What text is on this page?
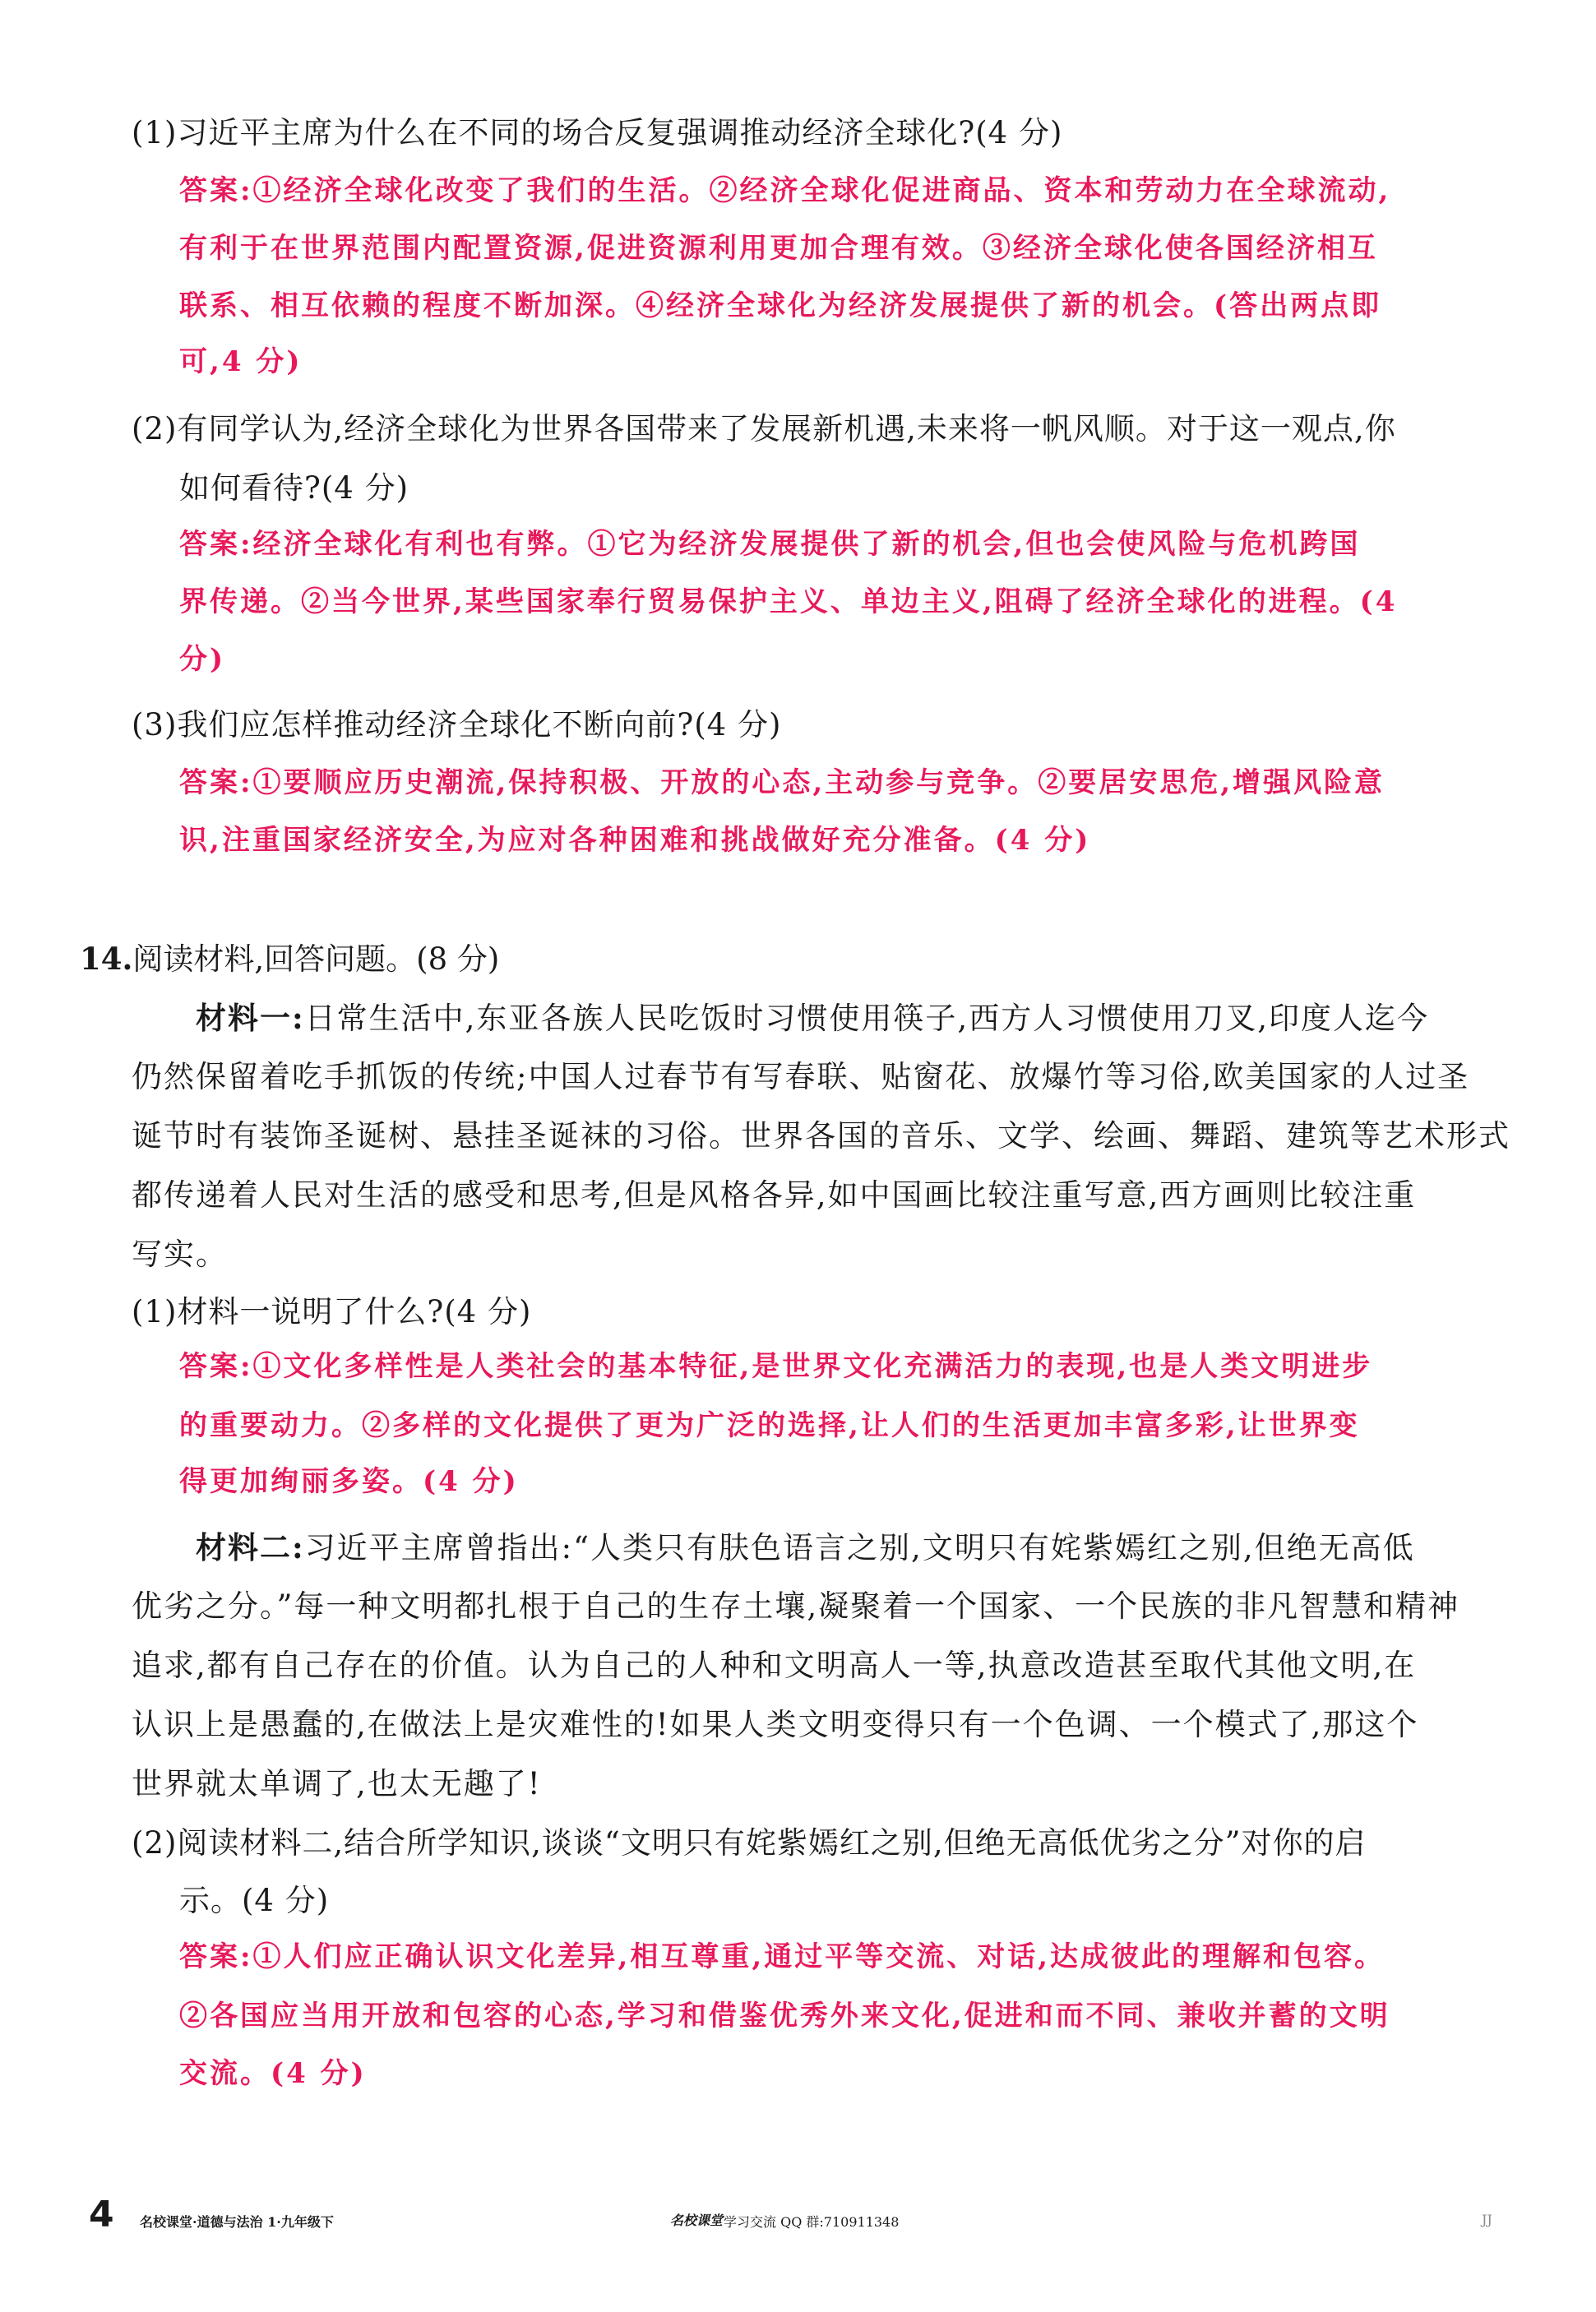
(1)习近平主席为什么在不同的场合反复强调推动经济全球化?(4 分)
答案:①经济全球化改变了我们的生活。②经济全球化促进商品、资本和劳动力在全球流动,
有利于在世界范围内配置资源,促进资源利用更加合理有效。③经济全球化使各国经济相互
联系、相互依赖的程度不断加深。④经济全球化为经济发展提供了新的机会。(答出两点即
可,4 分)
(2)有同学认为,经济全球化为世界各国带来了发展新机遇,未来将一帆风顺。对于这一观点,你
如何看待?(4 分)
答案:经济全球化有利也有弊。①它为经济发展提供了新的机会,但也会使风险与危机跨国
界传递。②当今世界,某些国家奉行贸易保护主义、单边主义,阻碍了经济全球化的进程。(4
分)
(3)我们应怎样推动经济全球化不断向前?(4 分)
答案:①要顺应历史潮流,保持积极、开放的心态,主动参与竞争。②要居安思危,增强风险意
识,注重国家经济安全,为应对各种困难和挑战做好充分准备。(4 分)
14.阅读材料,回答问题。(8 分)
材料一:日常生活中,东亚各族人民吃饭时习惯使用筷子,西方人习惯使用刀叉,印度人迄今
仍然保留着吃手抓饭的传统;中国人过春节有写春联、贴窗花、放爆竹等习俗,欧美国家的人过圣
诞节时有装饰圣诞树、悬挂圣诞袜的习俗。世界各国的音乐、文学、绘画、舞蹈、建筑等艺术形式
都传递着人民对生活的感受和思考,但是风格各异,如中国画比较注重写意,西方画则比较注重
写实。
(1)材料一说明了什么?(4 分)
答案:①文化多样性是人类社会的基本特征,是世界文化充满活力的表现,也是人类文明进步
的重要动力。②多样的文化提供了更为广泛的选择,让人们的生活更加丰富多彩,让世界变
得更加绚丽多姿。(4 分)
材料二:习近平主席曾指出:“人类只有肤色语言之别,文明只有姹紫嫣红之别,但绝无高低
优劣之分。”每一种文明都扎根于自己的生存土壤,凝聚着一个国家、一个民族的非凡智慧和精神
追求,都有自己存在的价值。认为自己的人种和文明高人一等,执意改造甚至取代其他文明,在
认识上是愚蠢的,在做法上是灾难性的!如果人类文明变得只有一个色调、一个模式了,那这个
世界就太单调了,也太无趣了!
(2)阅读材料二,结合所学知识,谈谈“文明只有姹紫嫣红之别,但绝无高低优劣之分”对你的启
示。(4 分)
答案:①人们应正确认识文化差异,相互尊重,通过平等交流、对话,达成彼此的理解和包容。
②各国应当用开放和包容的心态,学习和借鉴优秀外来文化,促进和而不同、兼收并蓄的文明
交流。(4 分)
4 名校课堂·道德与法治 1·九年级下	名校课堂 学习交流 QQ 群:710911348	JJ
